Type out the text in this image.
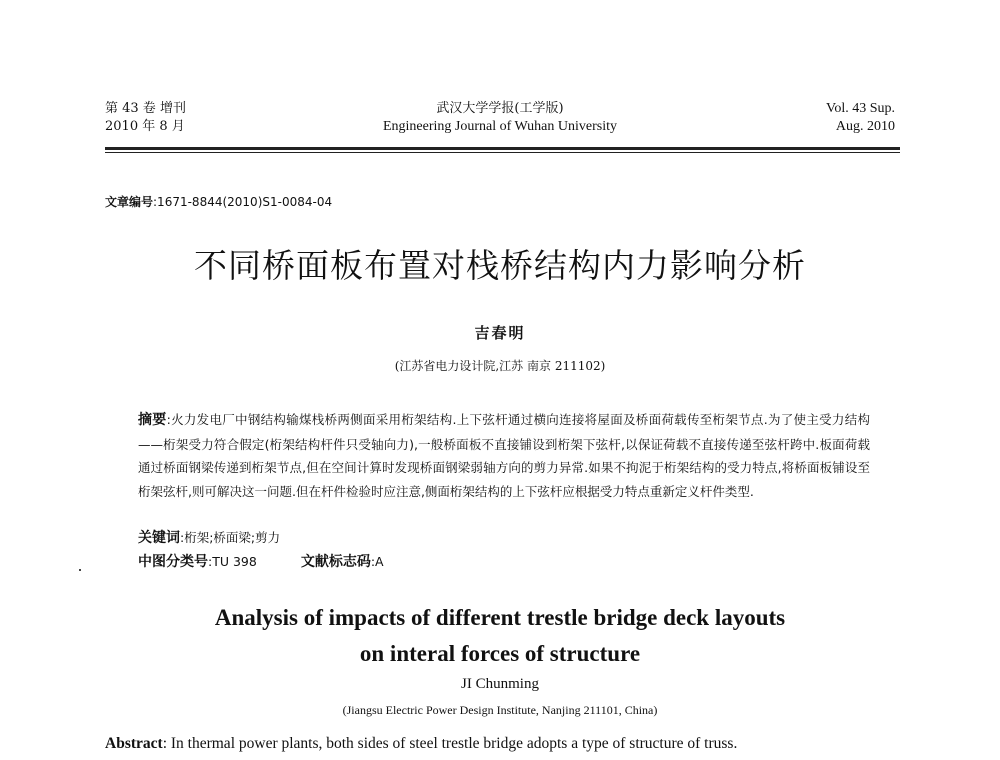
第 43 卷 增刊
2010 年 8 月
武汉大学学报(工学版)
Engineering Journal of Wuhan University
Vol. 43 Sup.
Aug. 2010
文章编号:1671-8844(2010)S1-0084-04
不同桥面板布置对栈桥结构内力影响分析
吉春明
(江苏省电力设计院,江苏 南京 211102)
摘要:火力发电厂中钢结构输煤栈桥两侧面采用桁架结构.上下弦杆通过横向连接将屋面及桥面荷载传至桁架节点.为了使主受力结构——桁架受力符合假定(桁架结构杆件只受轴向力),一般桥面板不直接铺设到桁架下弦杆,以保证荷载不直接传递至弦杆跨中.板面荷载通过桥面钢梁传递到桁架节点,但在空间计算时发现桥面钢梁弱轴方向的剪力异常.如果不拘泥于桁架结构的受力特点,将桥面板铺设至桁架弦杆,则可解决这一问题.但在杆件检验时应注意,侧面桁架结构的上下弦杆应根据受力特点重新定义杆件类型.
关键词:桁架;桥面梁;剪力
中图分类号:TU 398	文献标志码:A
Analysis of impacts of different trestle bridge deck layouts
on interal forces of structure
JI Chunming
(Jiangsu Electric Power Design Institute, Nanjing 211101, China)
Abstract: In thermal power plants, both sides of steel trestle bridge adopts a type of structure of truss.
